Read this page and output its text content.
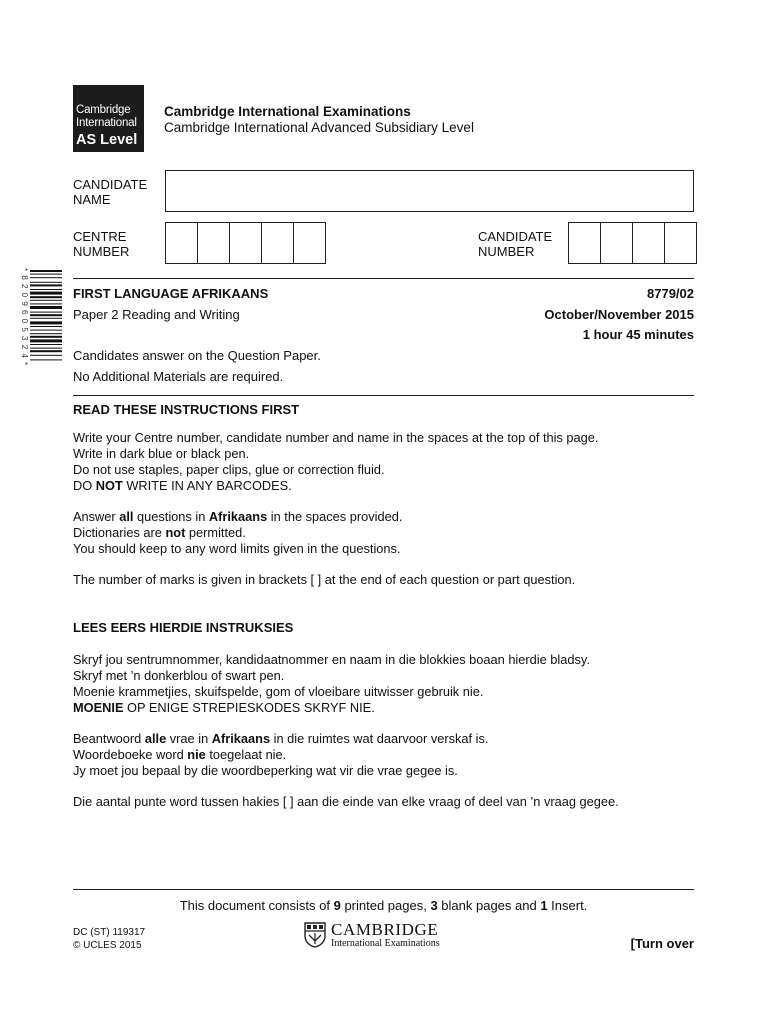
Cambridge
International
AS Level
Cambridge International Examinations
Cambridge International Advanced Subsidiary Level
CANDIDATE
NAME
CENTRE
NUMBER
CANDIDATE
NUMBER
* 8 2 0 9 6 0 5 3 2 4 *	FIRST LANGUAGE AFRIKAANS	8779/02
Paper 2 Reading and Writing	October/November 2015
1 hour 45 minutes
Candidates answer on the Question Paper.
No Additional Materials are required.
READ THESE INSTRUCTIONS FIRST
Write your Centre number, candidate number and name in the spaces at the top of this page.
Write in dark blue or black pen.
Do not use staples, paper clips, glue or correction fluid.
DO NOT WRITE IN ANY BARCODES.
Answer all questions in Afrikaans in the spaces provided.
Dictionaries are not permitted.
You should keep to any word limits given in the questions.
The number of marks is given in brackets [ ] at the end of each question or part question.
LEES EERS HIERDIE INSTRUKSIES
Skryf jou sentrumnommer, kandidaatnommer en naam in die blokkies boaan hierdie bladsy.
Skryf met ’n donkerblou of swart pen.
Moenie krammetjies, skuifspelde, gom of vloeibare uitwisser gebruik nie.
MOENIE OP ENIGE STREPIESKODES SKRYF NIE.
Beantwoord alle vrae in Afrikaans in die ruimtes wat daarvoor verskaf is.
Woordeboeke word nie toegelaat nie.
Jy moet jou bepaal by die woordbeperking wat vir die vrae gegee is.
Die aantal punte word tussen hakies [ ] aan die einde van elke vraag of deel van ’n vraag gegee.
This document consists of 9 printed pages, 3 blank pages and 1 Insert.
DC (ST) 119317
© UCLES 2015
CAMBRIDGE
International Examinations	[Turn over
